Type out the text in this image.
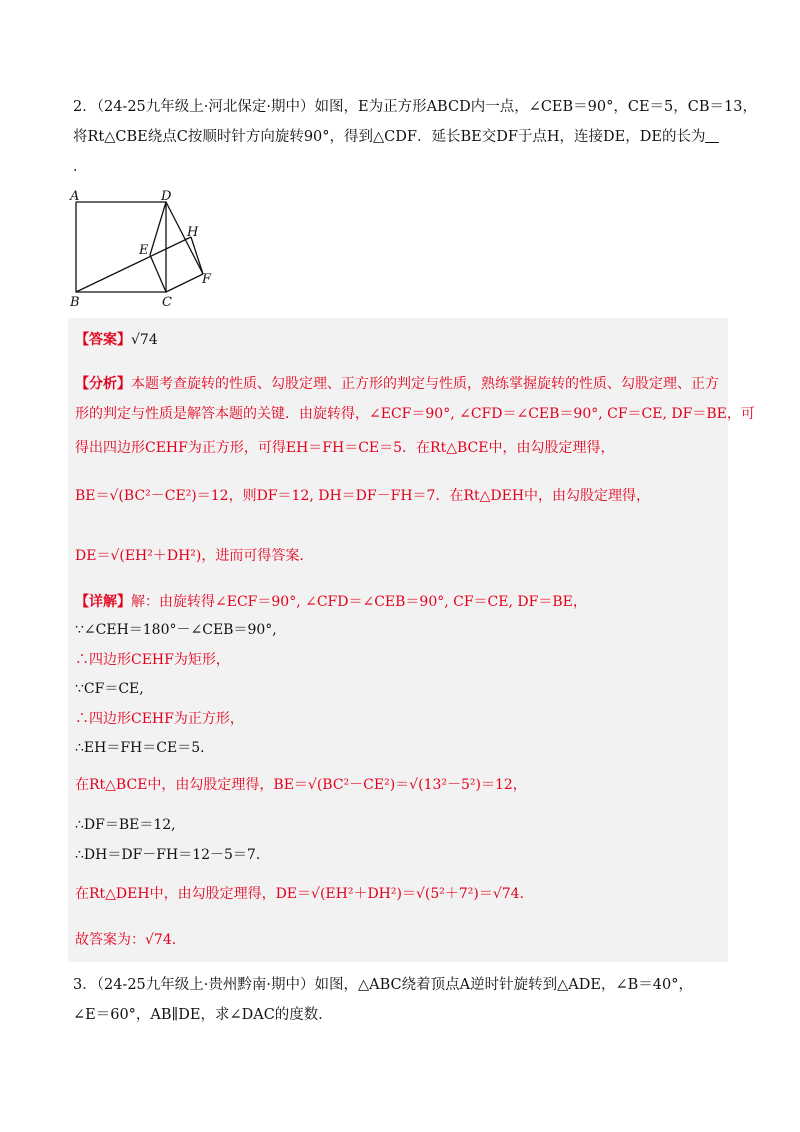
2．（24-25九年级上·河北保定·期中）如图，E为正方形ABCD内一点，∠CEB＝90°，CE＝5，CB＝13，
将Rt△CBE绕点C按顺时针方向旋转90°，得到△CDF．延长BE交DF于点H，连接DE，DE的长为
．
A	D
B	C
E
H
F
【答案】√74
【分析】本题考查旋转的性质、勾股定理、正方形的判定与性质，熟练掌握旋转的性质、勾股定理、正方
形的判定与性质是解答本题的关键．由旋转得，∠ECF＝90°, ∠CFD＝∠CEB＝90°, CF＝CE, DF＝BE，可
得出四边形CEHF为正方形，可得EH＝FH＝CE＝5．在Rt△BCE中，由勾股定理得，
BE＝√(BC²－CE²)＝12，则DF＝12, DH＝DF－FH＝7．在Rt△DEH中，由勾股定理得，
DE＝√(EH²＋DH²)，进而可得答案．
【详解】解：由旋转得∠ECF＝90°, ∠CFD＝∠CEB＝90°, CF＝CE, DF＝BE，
∵∠CEH＝180°－∠CEB＝90°,
∴四边形CEHF为矩形，
∵CF＝CE,
∴四边形CEHF为正方形，
∴EH＝FH＝CE＝5.
在Rt△BCE中，由勾股定理得，BE＝√(BC²－CE²)＝√(13²－5²)＝12，
∴DF＝BE＝12,
∴DH＝DF－FH＝12－5＝7.
在Rt△DEH中，由勾股定理得，DE＝√(EH²＋DH²)＝√(5²＋7²)＝√74．
故答案为：√74．
3．（24-25九年级上·贵州黔南·期中）如图，△ABC绕着顶点A逆时针旋转到△ADE，∠B＝40°，
∠E＝60°，AB∥DE，求∠DAC的度数．
